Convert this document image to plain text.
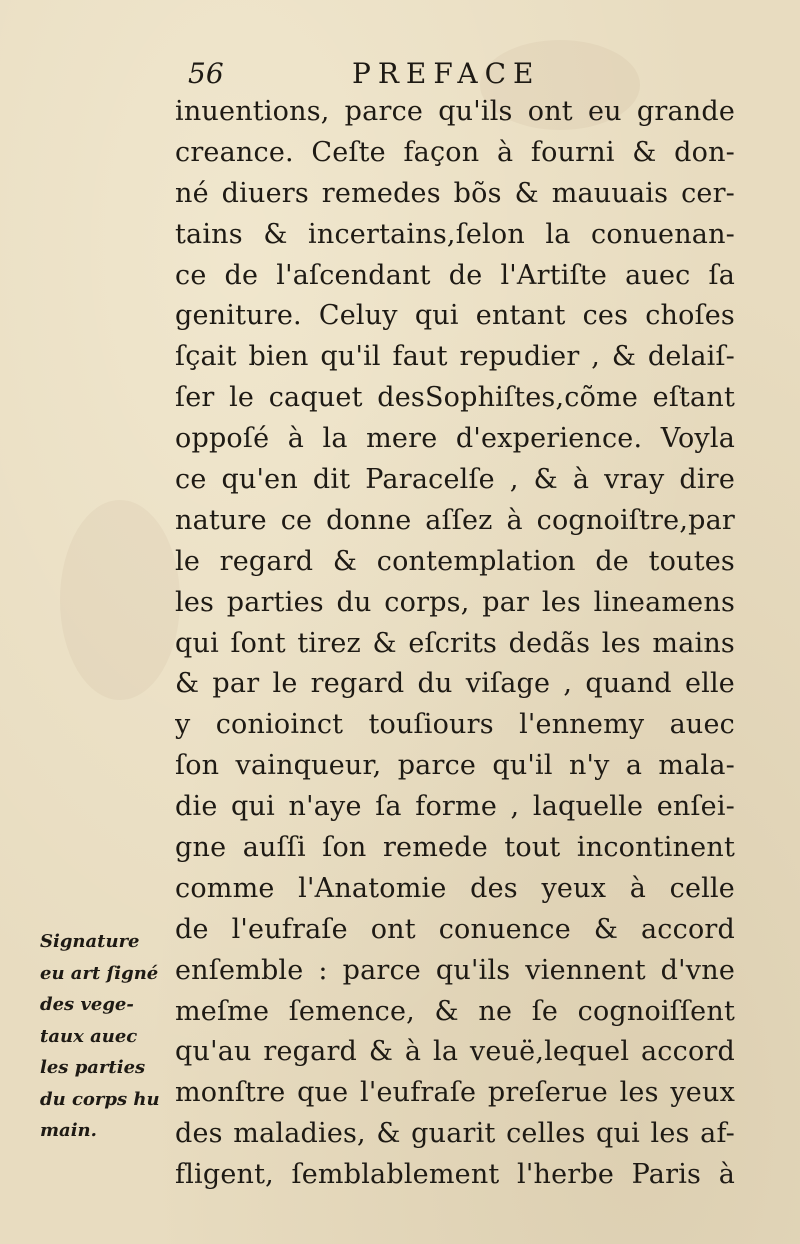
56	PREFACE
inuentions, parce qu'ils ont eu grande
creance. Ceſte façon à fourni & don-
né diuers remedes bõs & mauuais cer-
tains & incertains,ſelon la conuenan-
ce de l'aſcendant de l'Artiſte auec ſa
geniture. Celuy qui entant ces choſes
ſçait bien qu'il faut repudier , & delaiſ-
ſer le caquet desSophiſtes,cõme eſtant
oppoſé à la mere d'experience. Voyla
ce qu'en dit Paracelſe , & à vray dire
nature ce donne aſſez à cognoiſtre,par
le regard & contemplation de toutes
les parties du corps, par les lineamens
qui ſont tirez & eſcrits dedãs les mains
& par le regard du viſage , quand elle
y conioinct touſiours l'ennemy auec
ſon vainqueur, parce qu'il n'y a mala-
die qui n'aye ſa forme , laquelle enſei-
gne auſſi ſon remede tout incontinent
comme l'Anatomie des yeux à celle
de l'eufraſe ont conuence & accord
enſemble : parce qu'ils viennent d'vne
meſme ſemence, & ne ſe cognoiſſent
qu'au regard & à la veuë,lequel accord
monſtre que l'eufraſe preſerue les yeux
des maladies, & guarit celles qui les af-
fligent, ſemblablement l'herbe Paris à
Signature
eu art ſigné
des vege-
taux auec
les parties
du corps hu
main.
